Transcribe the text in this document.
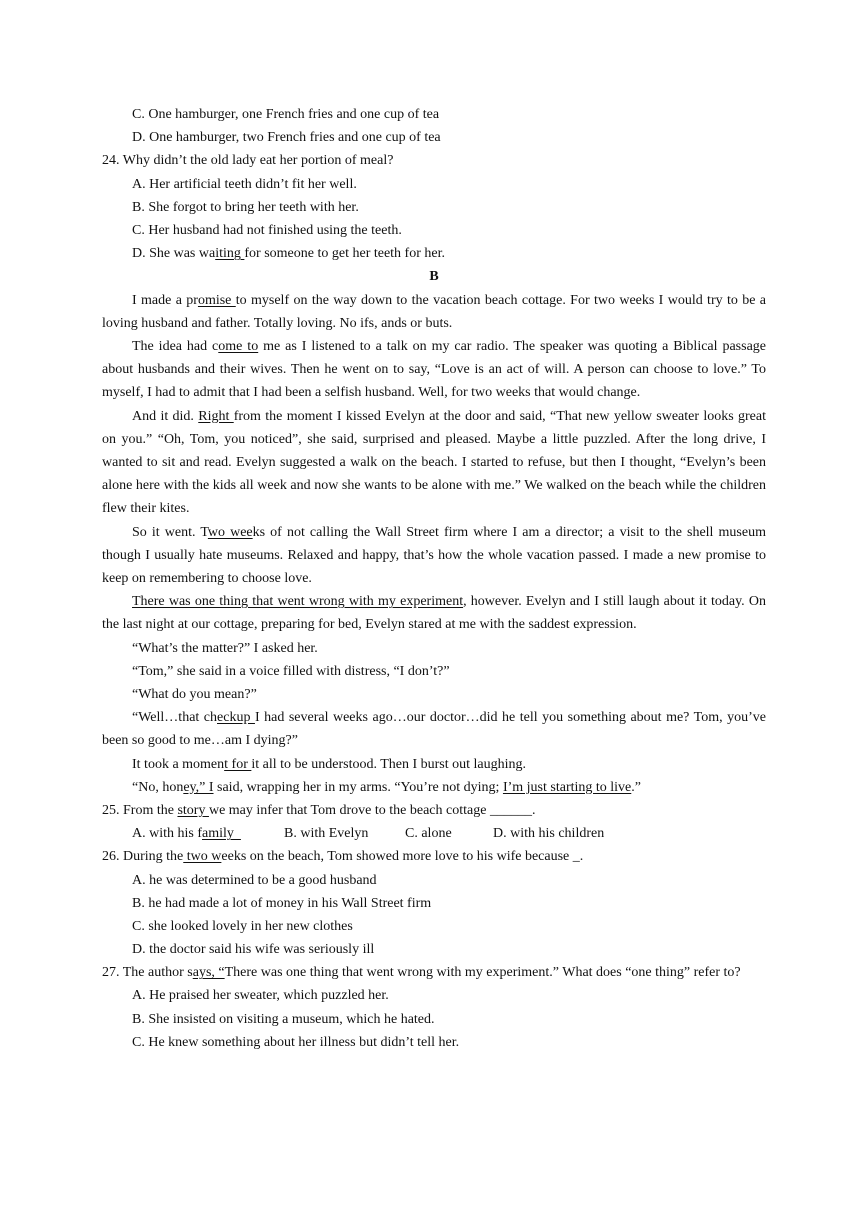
C. One hamburger, one French fries and one cup of tea
D. One hamburger, two French fries and one cup of tea
24. Why didn’t the old lady eat her portion of meal?
A. Her artificial teeth didn’t fit her well.
B. She forgot to bring her teeth with her.
C. Her husband had not finished using the teeth.
D. She was waiting for someone to get her teeth for her.
B
I made a promise to myself on the way down to the vacation beach cottage. For two weeks I would try to be a loving husband and father. Totally loving. No ifs, ands or buts.
The idea had come to me as I listened to a talk on my car radio. The speaker was quoting a Biblical passage about husbands and their wives. Then he went on to say, “Love is an act of will. A person can choose to love.” To myself, I had to admit that I had been a selfish husband. Well, for two weeks that would change.
And it did. Right from the moment I kissed Evelyn at the door and said, “That new yellow sweater looks great on you.” “Oh, Tom, you noticed”, she said, surprised and pleased. Maybe a little puzzled. After the long drive, I wanted to sit and read. Evelyn suggested a walk on the beach. I started to refuse, but then I thought, “Evelyn’s been alone here with the kids all week and now she wants to be alone with me.” We walked on the beach while the children flew their kites.
So it went. Two weeks of not calling the Wall Street firm where I am a director; a visit to the shell museum though I usually hate museums. Relaxed and happy, that’s how the whole vacation passed. I made a new promise to keep on remembering to choose love.
There was one thing that went wrong with my experiment, however. Evelyn and I still laugh about it today. On the last night at our cottage, preparing for bed, Evelyn stared at me with the saddest expression.
“What’s the matter?” I asked her.
“Tom,” she said in a voice filled with distress, “I don’t?”
“What do you mean?”
“Well…that checkup I had several weeks ago…our doctor…did he tell you something about me? Tom, you’ve been so good to me…am I dying?”
It took a moment for it all to be understood. Then I burst out laughing.
“No, honey,” I said, wrapping her in my arms. “You’re not dying; I’m just starting to live.”
25. From the story we may infer that Tom drove to the beach cottage ______.
A. with his family	B. with Evelyn	C. alone	D. with his children
26. During the two weeks on the beach, Tom showed more love to his wife because _.
A. he was determined to be a good husband
B. he had made a lot of money in his Wall Street firm
C. she looked lovely in her new clothes
D. the doctor said his wife was seriously ill
27. The author says, “There was one thing that went wrong with my experiment.” What does “one thing” refer to?
A. He praised her sweater, which puzzled her.
B. She insisted on visiting a museum, which he hated.
C. He knew something about her illness but didn’t tell her.
